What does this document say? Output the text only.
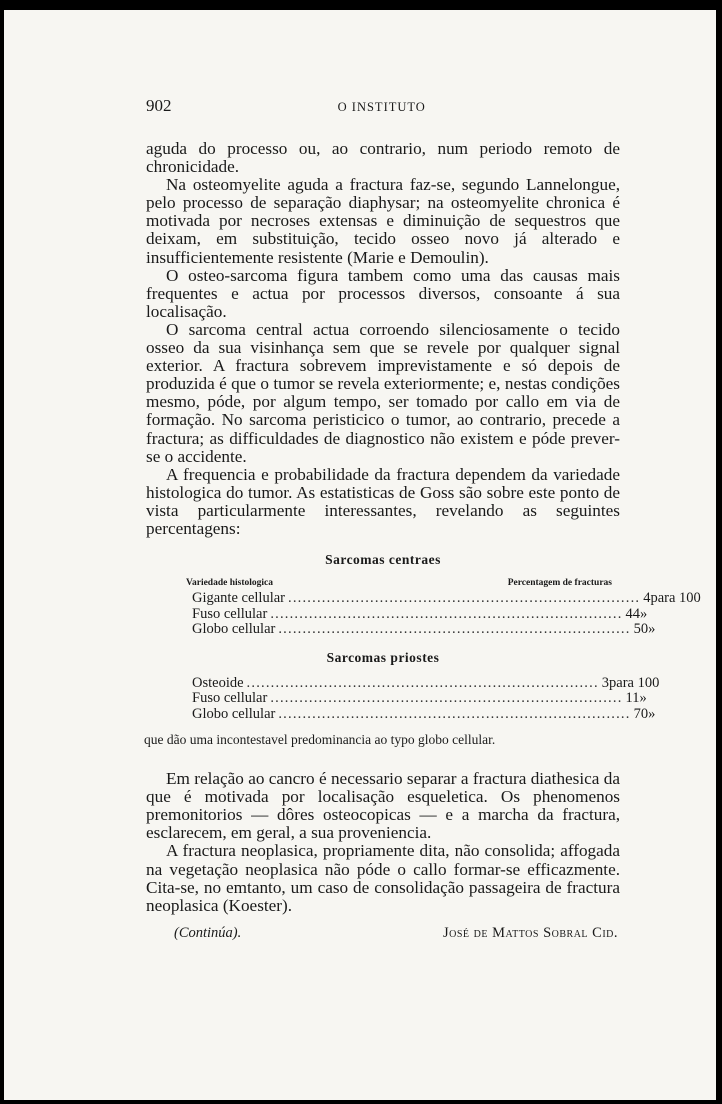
902	O INSTITUTO

aguda do processo ou, ao contrario, num periodo remoto de chronicidade.

Na osteomyelite aguda a fractura faz-se, segundo Lannelongue, pelo processo de separação diaphysar; na osteomyelite chronica é motivada por necroses extensas e diminuição de sequestros que deixam, em substituição, tecido osseo novo já alterado e insufficientemente resistente (Marie e Demoulin).

O osteo-sarcoma figura tambem como uma das causas mais frequentes e actua por processos diversos, consoante á sua localisação.

O sarcoma central actua corroendo silenciosamente o tecido osseo da sua visinhança sem que se revele por qualquer signal exterior. A fractura sobrevem imprevistamente e só depois de produzida é que o tumor se revela exteriormente; e, nestas condições mesmo, póde, por algum tempo, ser tomado por callo em via de formação. No sarcoma peristicico o tumor, ao contrario, precede a fractura; as difficuldades de diagnostico não existem e póde prever-se o accidente.

A frequencia e probabilidade da fractura dependem da variedade histologica do tumor. As estatisticas de Goss são sobre este ponto de vista particularmente interessantes, revelando as seguintes percentagens:

Sarcomas centraes
Variedade histologica	Percentagem de fracturas
Gigante cellular ......................................................................... 4 para 100
Fuso cellular ......................................................................... 44 »
Globo cellular ......................................................................... 50 »
Sarcomas priostes
Osteoide ......................................................................... 3 para 100
Fuso cellular ......................................................................... 11 »
Globo cellular ......................................................................... 70 »
que dão uma incontestavel predominancia ao typo globo cellular.

Em relação ao cancro é necessario separar a fractura diathesica da que é motivada por localisação esqueletica. Os phenomenos premonitorios — dôres osteocopicas — e a marcha da fractura, esclarecem, em geral, a sua proveniencia.

A fractura neoplasica, propriamente dita, não consolida; affogada na vegetação neoplasica não póde o callo formar-se efficazmente. Cita-se, no emtanto, um caso de consolidação passageira de fractura neoplasica (Koester).

(Continúa).	José de Mattos Sobral Cid.
